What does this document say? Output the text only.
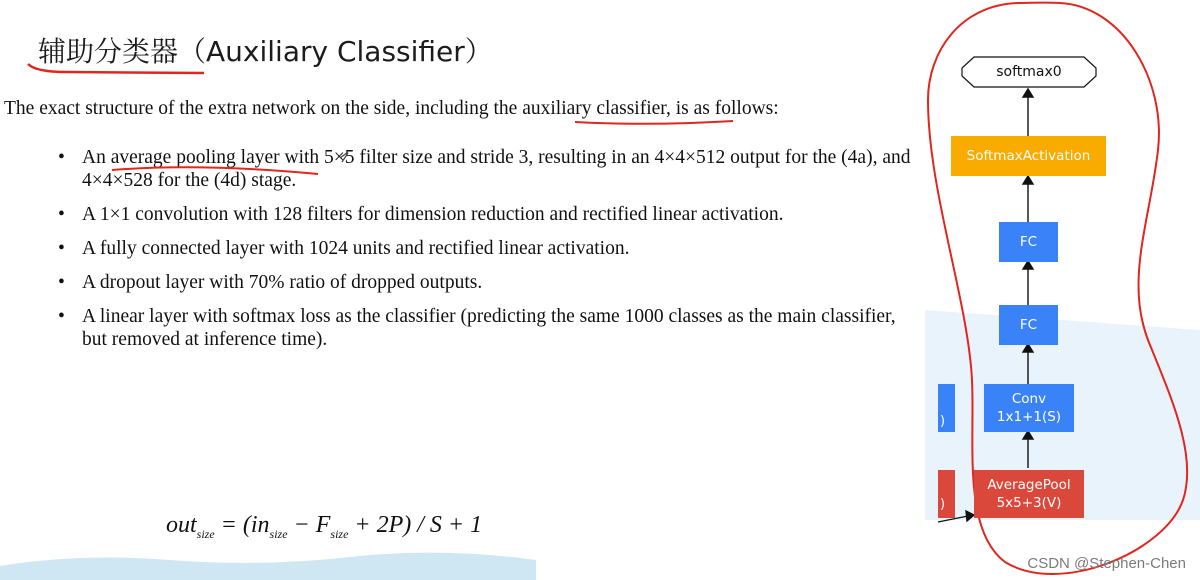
辅助分类器（Auxiliary Classifier）
The exact structure of the extra network on the side, including the auxiliary classifier, is as follows:
• An average pooling layer with 5×5 filter size and stride 3, resulting in an 4×4×512 output for the (4a), and 4×4×528 for the (4d) stage.
• A 1×1 convolution with 128 filters for dimension reduction and rectified linear activation.
• A fully connected layer with 1024 units and rectified linear activation.
• A dropout layer with 70% ratio of dropped outputs.
• A linear layer with softmax loss as the classifier (predicting the same 1000 classes as the main classifier, but removed at inference time).
$out_{size} = (in_{size} - F_{size} + 2P) / S + 1$
)
)
softmax0
SoftmaxActivation
FC
FC
Conv
1x1+1(S)
AveragePool
5x5+3(V)
CSDN @Stephen-Chen
